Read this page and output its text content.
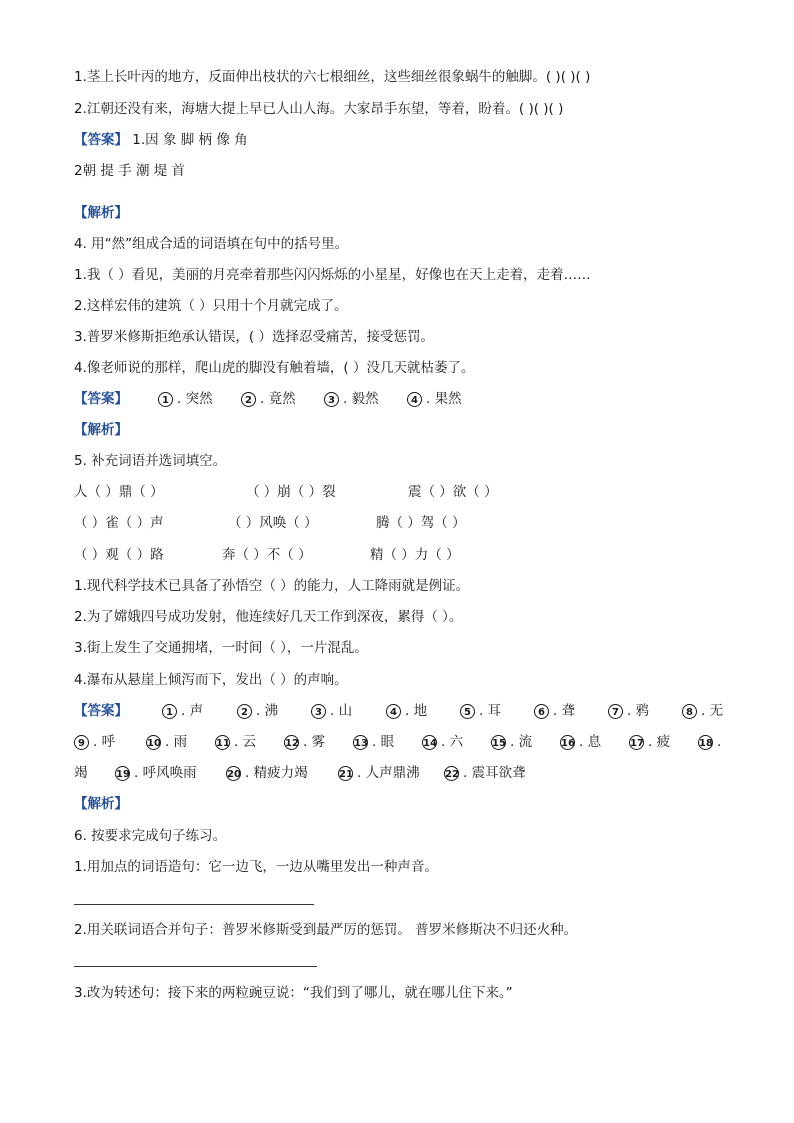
1.茎上长叶丙的地方，反面伸出枝状的六七根细丝，这些细丝很象蜗牛的触脚。( )( )( )
2.江朝还没有来，海塘大提上早已人山人海。大家昂手东望，等着，盼着。( )( )( )
【答案】 1.因 象 脚 柄 像 角
2朝 提 手 潮 堤 首
【解析】
4. 用“然”组成合适的词语填在句中的括号里。
1.我（ ）看见，美丽的月亮牵着那些闪闪烁烁的小星星，好像也在天上走着，走着……
2.这样宏伟的建筑（ ）只用十个月就完成了。
3.普罗米修斯拒绝承认错误，( ）选择忍受痛苦，接受惩罚。
4.像老师说的那样，爬山虎的脚没有触着墙，( ）没几天就枯萎了。
【答案】	1 . 突然	2 . 竟然	3 . 毅然	4 . 果然
【解析】
5. 补充词语并选词填空。
人（ ）鼎（ ）	（ ）崩（ ）裂	震（ ）欲（ ）
（ ）雀（ ）声	（ ）风唤（ ）	腾（ ）驾（ ）
（ ）观（ ）路	奔（ ）不（ ）	精（ ）力（ ）
1.现代科学技术已具备了孙悟空（ ）的能力，人工降雨就是例证。
2.为了嫦娥四号成功发射，他连续好几天工作到深夜，累得（ ）。
3.街上发生了交通拥堵，一时间（ ），一片混乱。
4.瀑布从悬崖上倾泻而下，发出（ ）的声响。
【答案】	1 . 声	2 . 沸	3 . 山	4 . 地	5 . 耳	6 . 聋	7 . 鸦	8 . 无
9 . 呼	10 . 雨	11 . 云	12 . 雾	13 . 眼	14 . 六	15 . 流	16 . 息	17 . 疲	18 .
竭	19 . 呼风唤雨	20 . 精疲力竭	21 . 人声鼎沸	22 . 震耳欲聋
【解析】
6. 按要求完成句子练习。
1.用加点的词语造句：它一边飞，一边从嘴里发出一种声音。
2.用关联词语合并句子：普罗米修斯受到最严厉的惩罚。 普罗米修斯决不归还火种。
3.改为转述句：接下来的两粒豌豆说：“我们到了哪儿，就在哪儿住下来。”
